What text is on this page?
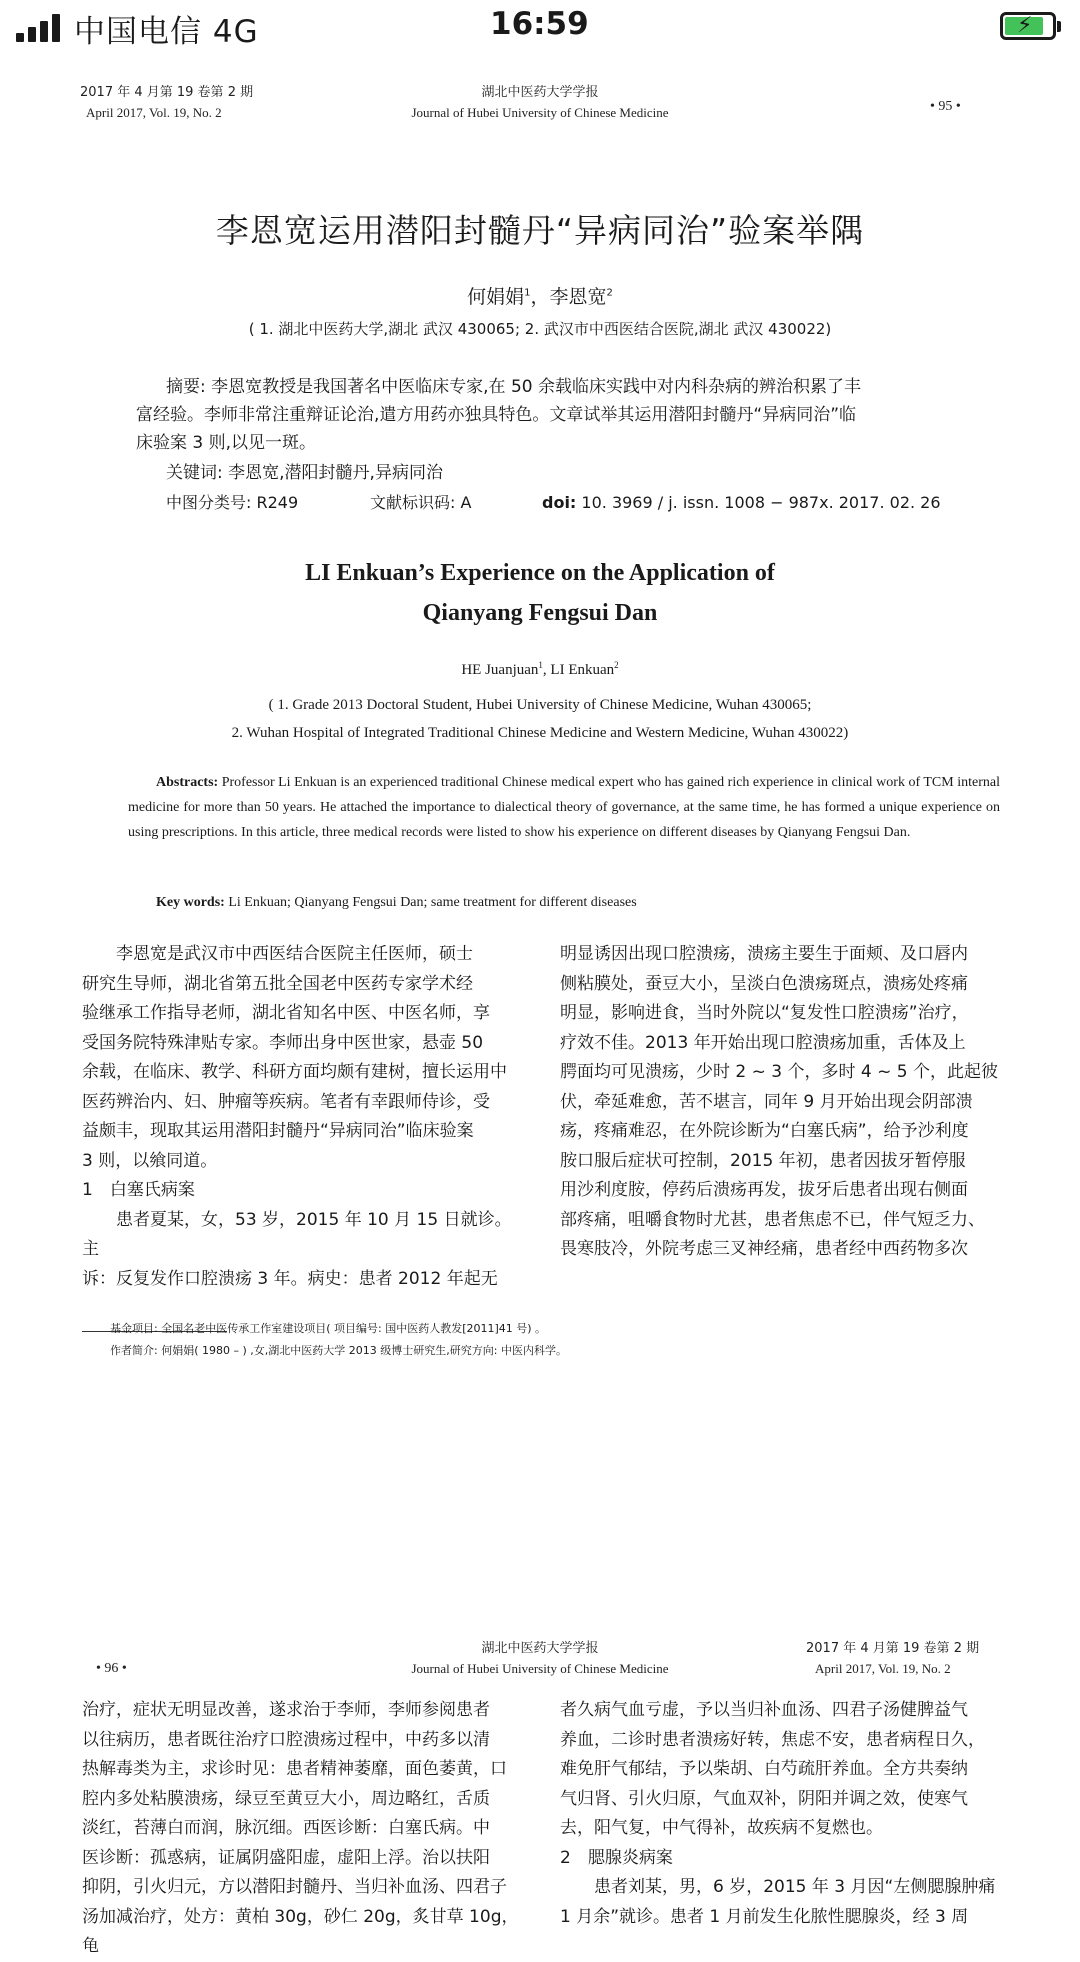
中国电信 4G	16:59	⚡
2017 年 4 月第 19 卷第 2 期
April 2017, Vol. 19, No. 2
湖北中医药大学学报
Journal of Hubei University of Chinese Medicine	• 95 •
李恩宽运用潜阳封髓丹“异病同治”验案举隅
何娟娟$^1$，李恩宽$^2$
( 1. 湖北中医药大学,湖北 武汉 430065; 2. 武汉市中西医结合医院,湖北 武汉 430022)
摘要: 李恩宽教授是我国著名中医临床专家,在 50 余载临床实践中对内科杂病的辨治积累了丰
富经验。李师非常注重辩证论治,遣方用药亦独具特色。文章试举其运用潜阳封髓丹“异病同治”临
床验案 3 则,以见一斑。
关键词: 李恩宽,潜阳封髓丹,异病同治
中图分类号: R249	文献标识码: A	doi: 10. 3969 / j. issn. 1008 − 987x. 2017. 02. 26
LI Enkuan’s Experience on the Application of
Qianyang Fengsui Dan
HE Juanjuan$^1$, LI Enkuan$^2$
( 1. Grade 2013 Doctoral Student, Hubei University of Chinese Medicine, Wuhan 430065;
2. Wuhan Hospital of Integrated Traditional Chinese Medicine and Western Medicine, Wuhan 430022)
Abstracts: Professor Li Enkuan is an experienced traditional Chinese medical expert who has gained rich experience in clinical work of TCM internal medicine for more than 50 years. He attached the importance to dialectical theory of governance, at the same time, he has formed a unique experience on using prescriptions. In this article, three medical records were listed to show his experience on different diseases by Qianyang Fengsui Dan.
Key words: Li Enkuan; Qianyang Fengsui Dan; same treatment for different diseases

　　李恩宽是武汉市中西医结合医院主任医师，硕士

研究生导师，湖北省第五批全国老中医药专家学术经

验继承工作指导老师，湖北省知名中医、中医名师，享

受国务院特殊津贴专家。李师出身中医世家，悬壶 50

余载，在临床、教学、科研方面均颇有建树，擅长运用中

医药辨治内、妇、肿瘤等疾病。笔者有幸跟师侍诊，受

益颇丰，现取其运用潜阳封髓丹“异病同治”临床验案

3 则，以飨同道。

1　白塞氏病案

　　患者夏某，女，53 岁，2015 年 10 月 15 日就诊。主

诉：反复发作口腔溃疡 3 年。病史：患者 2012 年起无

明显诱因出现口腔溃疡，溃疡主要生于面颊、及口唇内

侧粘膜处，蚕豆大小，呈淡白色溃疡斑点，溃疡处疼痛

明显，影响进食，当时外院以“复发性口腔溃疡”治疗，

疗效不佳。2013 年开始出现口腔溃疡加重，舌体及上

腭面均可见溃疡，少时 2 ~ 3 个，多时 4 ~ 5 个，此起彼

伏，牵延难愈，苦不堪言，同年 9 月开始出现会阴部溃

疡，疼痛难忍，在外院诊断为“白塞氏病”，给予沙利度

胺口服后症状可控制，2015 年初，患者因拔牙暂停服

用沙利度胺，停药后溃疡再发，拔牙后患者出现右侧面

部疼痛，咀嚼食物时尤甚，患者焦虑不已，伴气短乏力、

畏寒肢冷，外院考虑三叉神经痛，患者经中西药物多次

基金项目: 全国名老中医传承工作室建设项目( 项目编号: 国中医药人教发[2011]41 号) 。
作者简介: 何娟娟( 1980 – ) ,女,湖北中医药大学 2013 级博士研究生,研究方向: 中医内科学。
• 96 •
湖北中医药大学学报
Journal of Hubei University of Chinese Medicine
2017 年 4 月第 19 卷第 2 期
April 2017, Vol. 19, No. 2

治疗，症状无明显改善，遂求治于李师，李师参阅患者

以往病历，患者既往治疗口腔溃疡过程中，中药多以清

热解毒类为主，求诊时见：患者精神萎靡，面色萎黄，口

腔内多处粘膜溃疡，绿豆至黄豆大小，周边略红，舌质

淡红，苔薄白而润，脉沉细。西医诊断：白塞氏病。中

医诊断：孤惑病，证属阴盛阳虚，虚阳上浮。治以扶阳

抑阴，引火归元，方以潜阳封髓丹、当归补血汤、四君子

汤加减治疗，处方：黄柏 30g，砂仁 20g，炙甘草 10g，龟

者久病气血亏虚，予以当归补血汤、四君子汤健脾益气

养血，二诊时患者溃疡好转，焦虑不安，患者病程日久，

难免肝气郁结，予以柴胡、白芍疏肝养血。全方共奏纳

气归肾、引火归原，气血双补，阴阳并调之效，使寒气

去，阳气复，中气得补，故疾病不复燃也。

2　腮腺炎病案

　　患者刘某，男，6 岁，2015 年 3 月因“左侧腮腺肿痛

1 月余”就诊。患者 1 月前发生化脓性腮腺炎，经 3 周
